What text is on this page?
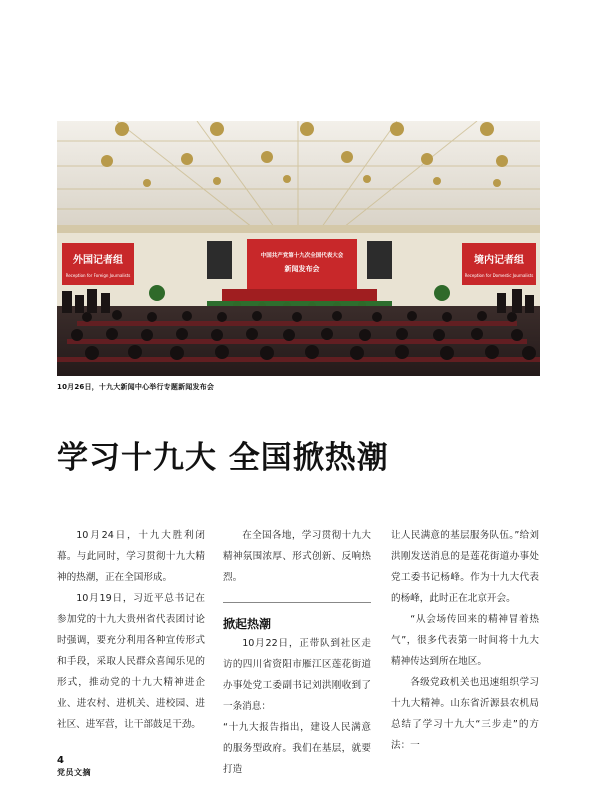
外国记者组
Reception for Foreign Journalists
境内记者组
Reception for Domestic Journalists
中国共产党第十九次全国代表大会
新闻发布会
10月26日，十九大新闻中心举行专题新闻发布会
学习十九大 全国掀热潮

10月24日，十九大胜利闭幕。与此同时，学习贯彻十九大精神的热潮，正在全国形成。

10月19日，习近平总书记在参加党的十九大贵州省代表团讨论时强调，要充分利用各种宣传形式和手段，采取人民群众喜闻乐见的形式，推动党的十九大精神进企业、进农村、进机关、进校园、进社区、进军营，让干部鼓足干劲。

在全国各地，学习贯彻十九大精神氛围浓厚、形式创新、反响热烈。

掀起热潮

10月22日，正带队到社区走访的四川省资阳市雁江区莲花街道办事处党工委副书记刘洪刚收到了一条消息：

“十九大报告指出，建设人民满意的服务型政府。我们在基层，就要打造

让人民满意的基层服务队伍。”给刘洪刚发送消息的是莲花街道办事处党工委书记杨峰。作为十九大代表的杨峰，此时正在北京开会。

“从会场传回来的精神冒着热气”，很多代表第一时间将十九大精神传达到所在地区。

各级党政机关也迅速组织学习十九大精神。山东省沂源县农机局总结了学习十九大“三步走”的方法：一

4
党员文摘
